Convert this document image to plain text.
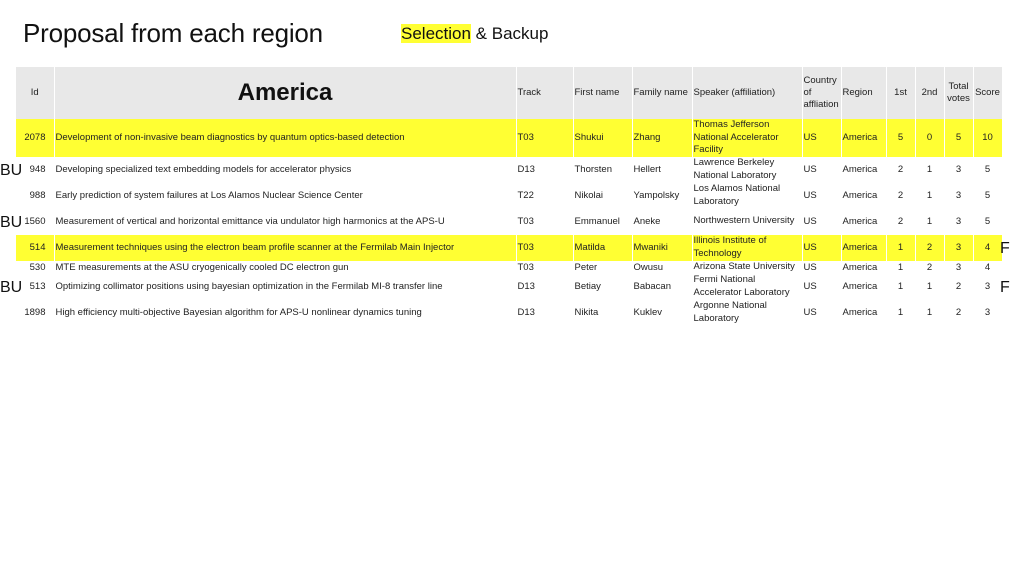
Proposal from each region	Selection & Backup
Id	America	Track	First name	Family name	Speaker (affiliation)	Country of affliation	Region	1st	2nd	Total votes	Score
2078	Development of non-invasive beam diagnostics by quantum optics-based detection	T03	Shukui	Zhang	Thomas Jefferson National Accelerator Facility	US	America	5	0	5	10
948	Developing specialized text embedding models for accelerator physics	D13	Thorsten	Hellert	Lawrence Berkeley National Laboratory	US	America	2	1	3	5
988	Early prediction of system failures at Los Alamos Nuclear Science Center	T22	Nikolai	Yampolsky	Los Alamos National Laboratory	US	America	2	1	3	5
1560	Measurement of vertical and horizontal emittance via undulator high harmonics at the APS-U	T03	Emmanuel	Aneke	Northwestern University	US	America	2	1	3	5
514	Measurement techniques using the electron beam profile scanner at the Fermilab Main Injector	T03	Matilda	Mwaniki	Illinois Institute of Technology	US	America	1	2	3	4
530	MTE measurements at the ASU cryogenically cooled DC electron gun	T03	Peter	Owusu	Arizona State University	US	America	1	2	3	4
513	Optimizing collimator positions using bayesian optimization in the Fermilab MI-8 transfer line	D13	Betiay	Babacan	Fermi National Accelerator Laboratory	US	America	1	1	2	3
1898	High efficiency multi-objective Bayesian algorithm for APS-U nonlinear dynamics tuning	D13	Nikita	Kuklev	Argonne National Laboratory	US	America	1	1	2	3
BU
BU
F
BU	F
